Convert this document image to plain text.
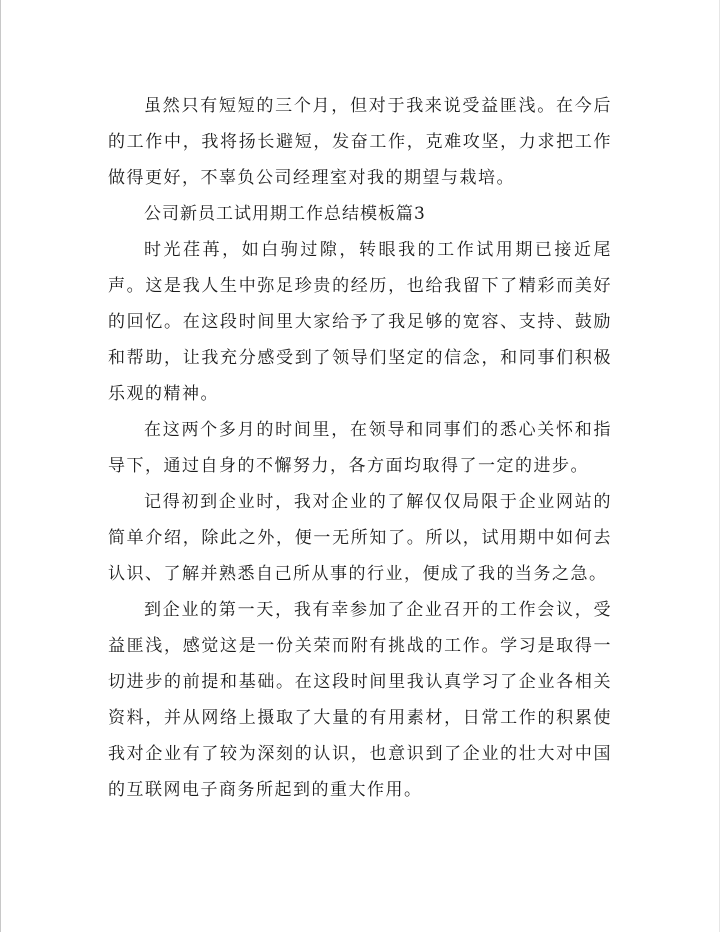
虽然只有短短的三个月，但对于我来说受益匪浅。在今后的工作中，我将扬长避短，发奋工作，克难攻坚，力求把工作做得更好，不辜负公司经理室对我的期望与栽培。

公司新员工试用期工作总结模板篇3

时光荏苒，如白驹过隙，转眼我的工作试用期已接近尾声。这是我人生中弥足珍贵的经历，也给我留下了精彩而美好的回忆。在这段时间里大家给予了我足够的宽容、支持、鼓励和帮助，让我充分感受到了领导们坚定的信念，和同事们积极乐观的精神。

在这两个多月的时间里，在领导和同事们的悉心关怀和指导下，通过自身的不懈努力，各方面均取得了一定的进步。

记得初到企业时，我对企业的了解仅仅局限于企业网站的简单介绍，除此之外，便一无所知了。所以，试用期中如何去认识、了解并熟悉自己所从事的行业，便成了我的当务之急。

到企业的第一天，我有幸参加了企业召开的工作会议，受益匪浅，感觉这是一份关荣而附有挑战的工作。学习是取得一切进步的前提和基础。在这段时间里我认真学习了企业各相关资料，并从网络上摄取了大量的有用素材，日常工作的积累使我对企业有了较为深刻的认识，也意识到了企业的壮大对中国的互联网电子商务所起到的重大作用。
